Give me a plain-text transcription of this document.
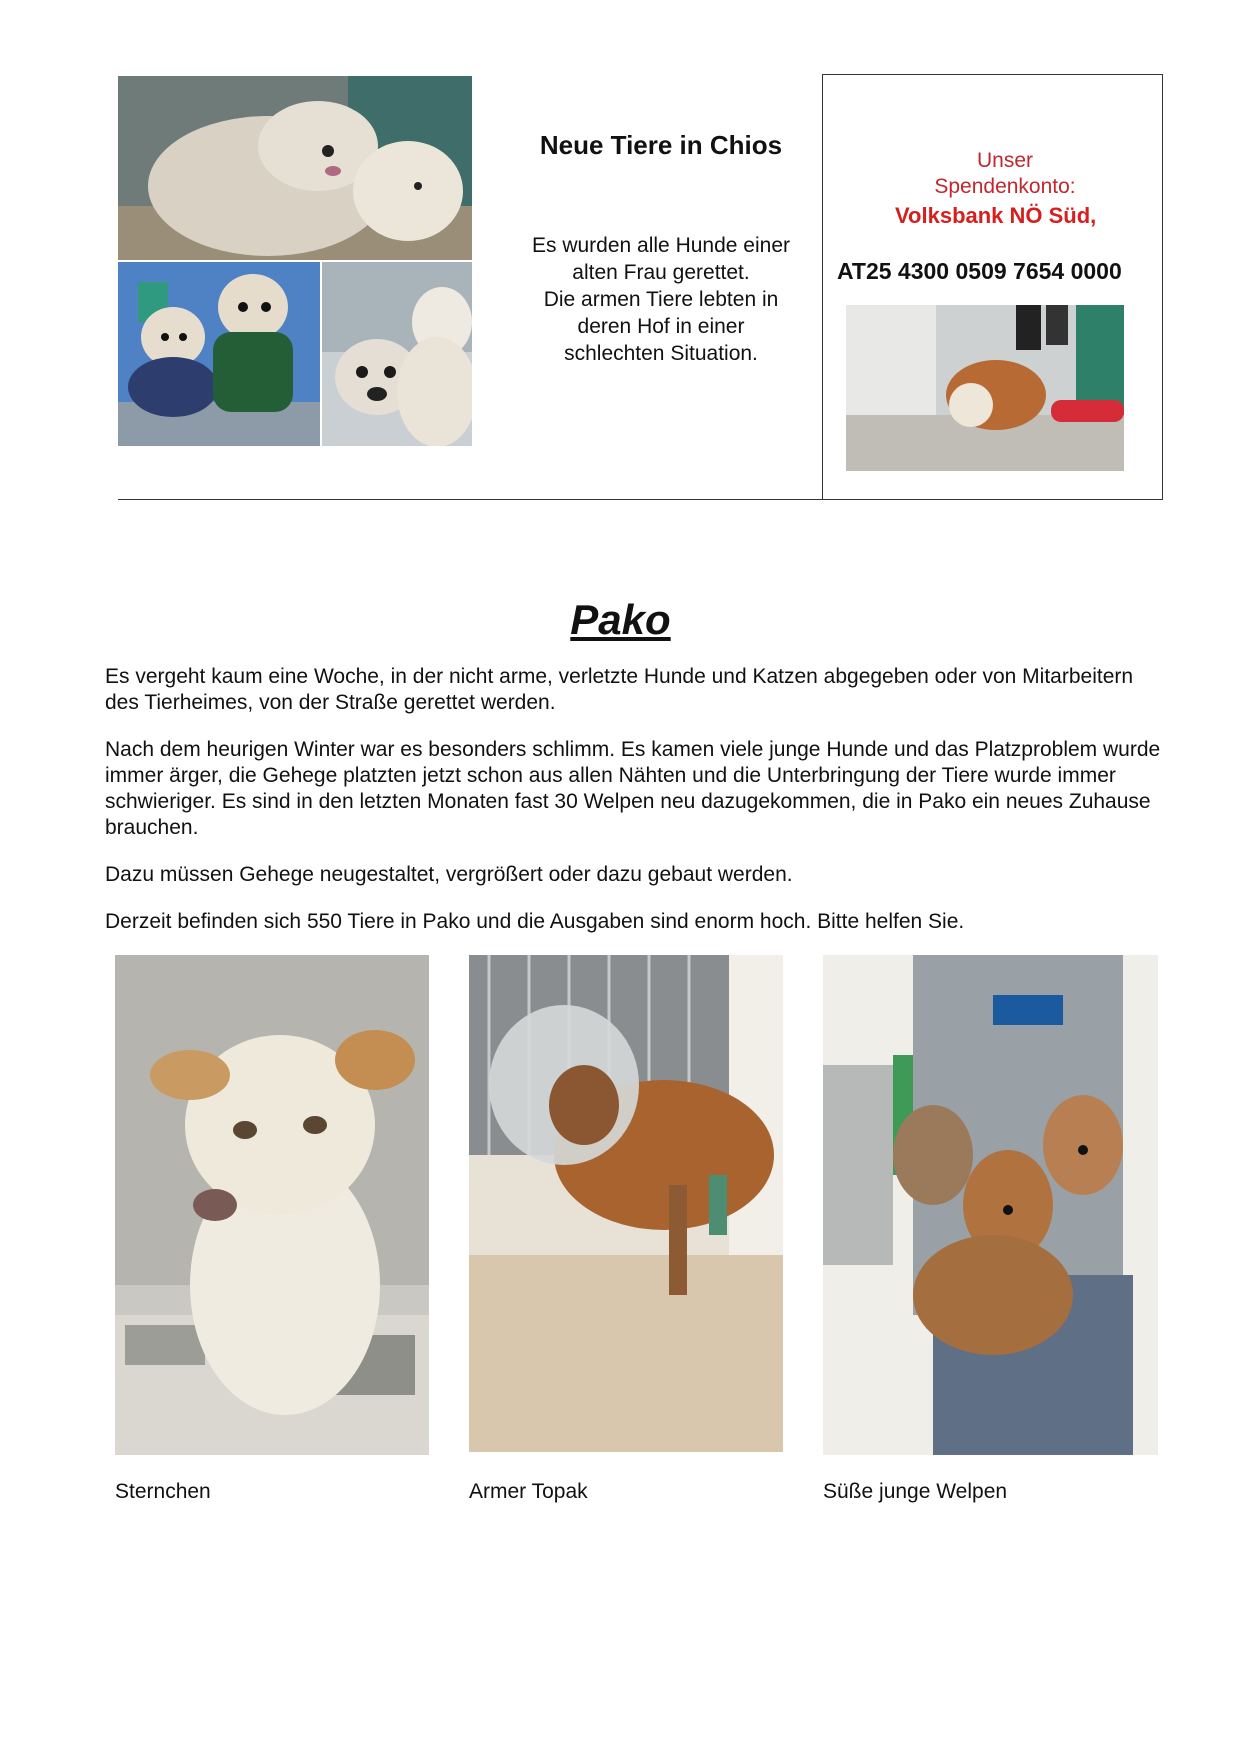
Neue Tiere in Chios
Es wurden alle Hunde einer
alten Frau gerettet.
Die armen Tiere lebten in
deren Hof in einer
schlechten Situation.
Unser
Spendenkonto:
Volksbank NÖ Süd,
AT25 4300 0509 7654 0000
Pako

Es vergeht kaum eine Woche, in der nicht arme, verletzte Hunde und Katzen abgegeben oder von Mitarbeitern des Tierheimes, von der Straße gerettet werden.

Nach dem heurigen Winter war es besonders schlimm. Es kamen viele junge Hunde und das Platzproblem wurde immer ärger, die Gehege platzten jetzt schon aus allen Nähten und die Unterbringung der Tiere wurde immer schwieriger. Es sind in den letzten Monaten fast 30 Welpen neu dazugekommen, die in Pako ein neues Zuhause brauchen.

Dazu müssen Gehege neugestaltet, vergrößert oder dazu gebaut werden.

Derzeit befinden sich 550 Tiere in Pako und die Ausgaben sind enorm hoch. Bitte helfen Sie.

Sternchen	Armer Topak	Süße junge Welpen
